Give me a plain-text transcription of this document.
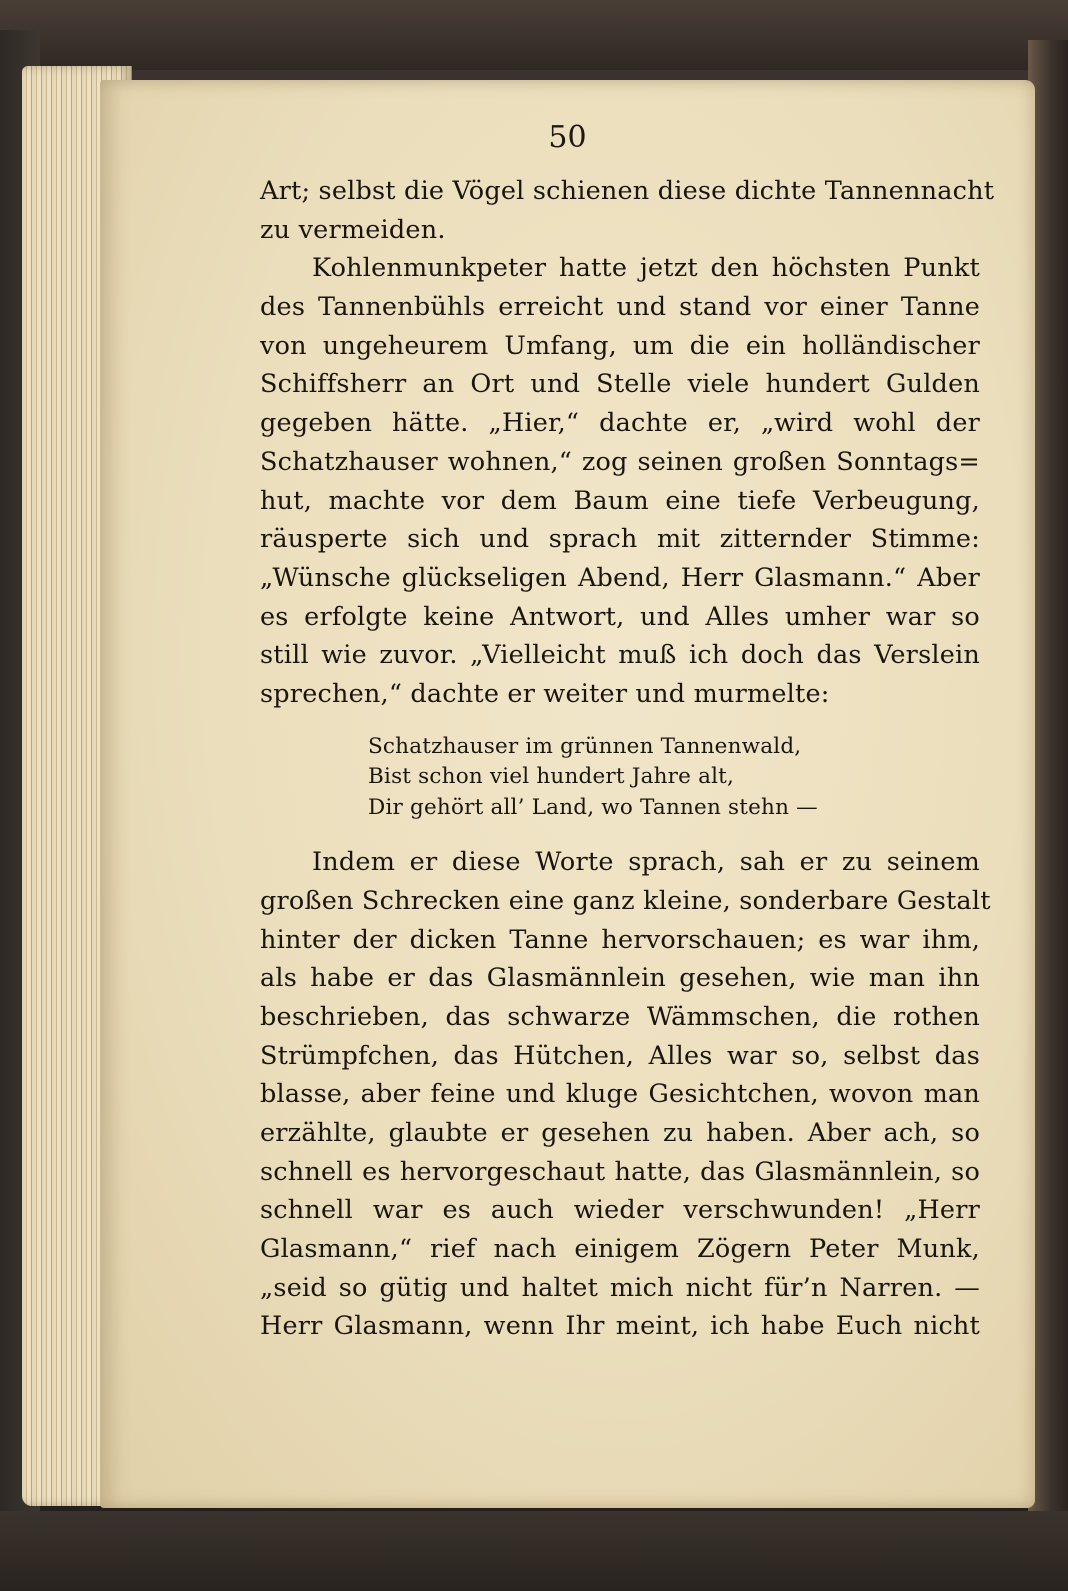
50
Art; selbst die Vögel schienen diese dichte Tannennacht
zu vermeiden.
Kohlenmunkpeter hatte jetzt den höchsten Punkt
des Tannenbühls erreicht und stand vor einer Tanne
von ungeheurem Umfang, um die ein holländischer
Schiffsherr an Ort und Stelle viele hundert Gulden
gegeben hätte. „Hier,“ dachte er, „wird wohl der
Schatzhauser wohnen,“ zog seinen großen Sonntags=
hut, machte vor dem Baum eine tiefe Verbeugung,
räusperte sich und sprach mit zitternder Stimme:
„Wünsche glückseligen Abend, Herr Glasmann.“ Aber
es erfolgte keine Antwort, und Alles umher war so
still wie zuvor. „Vielleicht muß ich doch das Verslein
sprechen,“ dachte er weiter und murmelte:
Schatzhauser im grünnen Tannenwald,
Bist schon viel hundert Jahre alt,
Dir gehört all’ Land, wo Tannen stehn —
Indem er diese Worte sprach, sah er zu seinem
großen Schrecken eine ganz kleine, sonderbare Gestalt
hinter der dicken Tanne hervorschauen; es war ihm,
als habe er das Glasmännlein gesehen, wie man ihn
beschrieben, das schwarze Wämmschen, die rothen
Strümpfchen, das Hütchen, Alles war so, selbst das
blasse, aber feine und kluge Gesichtchen, wovon man
erzählte, glaubte er gesehen zu haben. Aber ach, so
schnell es hervorgeschaut hatte, das Glasmännlein, so
schnell war es auch wieder verschwunden! „Herr
Glasmann,“ rief nach einigem Zögern Peter Munk,
„seid so gütig und haltet mich nicht für’n Narren. —
Herr Glasmann, wenn Ihr meint, ich habe Euch nicht
